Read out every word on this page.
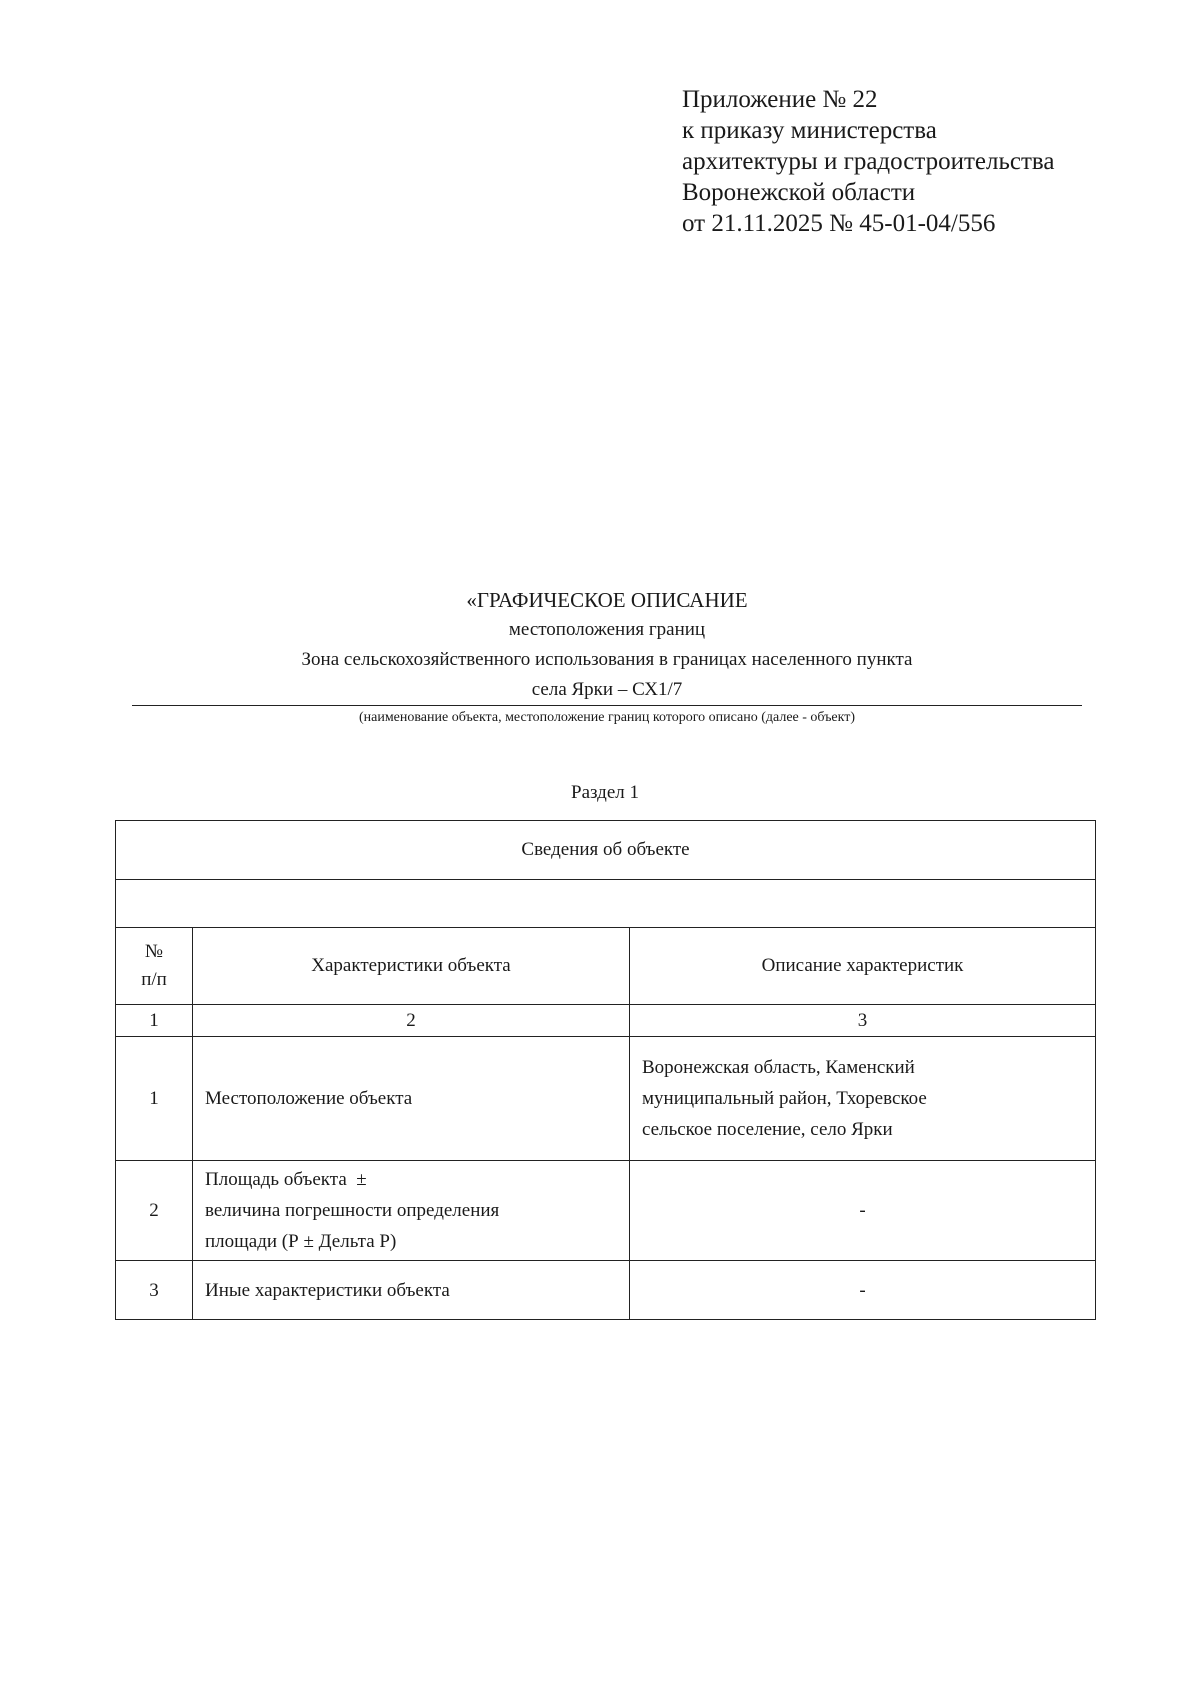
Приложение № 22
к приказу министерства
архитектуры и градостроительства
Воронежской области
от 21.11.2025 № 45-01-04/556
«ГРАФИЧЕСКОЕ ОПИСАНИЕ
местоположения границ
Зона сельскохозяйственного использования в границах населенного пункта
села Ярки – СХ1/7
(наименование объекта, местоположение границ которого описано (далее - объект)
Раздел 1
Сведения об объекте		

№
п/п	Характеристики объекта	Описание характеристик
1	2	3
1	Местоположение объекта	Воронежская область, Каменский
муниципальный район, Тхоревское
сельское поселение, село Ярки

2	Площадь объекта  ±
величина погрешности определения
площади (Р ± Дельта Р)	-
3	Иные характеристики объекта	-
